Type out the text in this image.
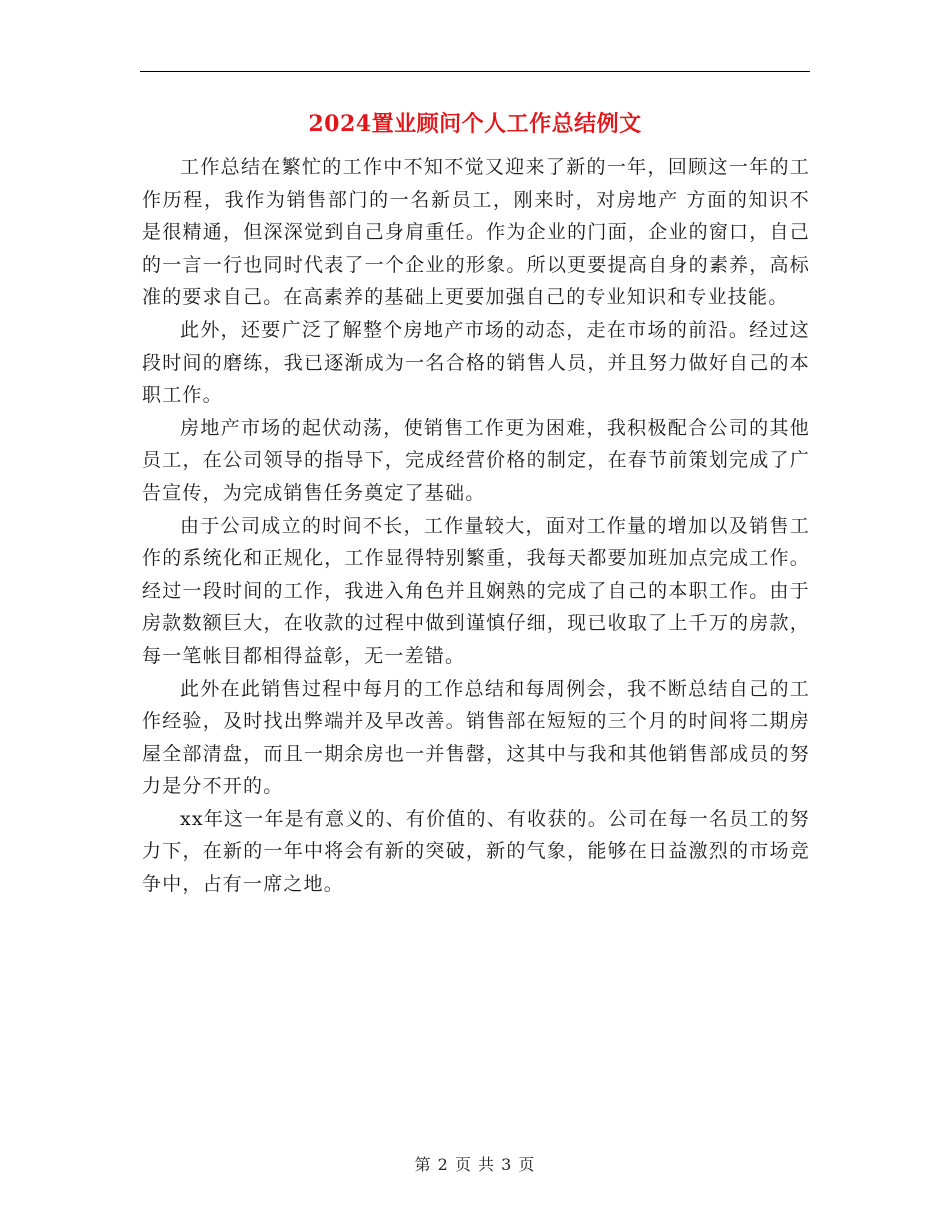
2024置业顾问个人工作总结例文

工作总结在繁忙的工作中不知不觉又迎来了新的一年，回顾这一年的工作历程，我作为销售部门的一名新员工，刚来时，对房地产 方面的知识不是很精通，但深深觉到自己身肩重任。作为企业的门面，企业的窗口，自己的一言一行也同时代表了一个企业的形象。所以更要提高自身的素养，高标准的要求自己。在高素养的基础上更要加强自己的专业知识和专业技能。

此外，还要广泛了解整个房地产市场的动态，走在市场的前沿。经过这段时间的磨练，我已逐渐成为一名合格的销售人员，并且努力做好自己的本职工作。

房地产市场的起伏动荡，使销售工作更为困难，我积极配合公司的其他员工，在公司领导的指导下，完成经营价格的制定，在春节前策划完成了广告宣传，为完成销售任务奠定了基础。

由于公司成立的时间不长，工作量较大，面对工作量的增加以及销售工作的系统化和正规化，工作显得特别繁重，我每天都要加班加点完成工作。经过一段时间的工作，我进入角色并且娴熟的完成了自己的本职工作。由于房款数额巨大，在收款的过程中做到谨慎仔细，现已收取了上千万的房款，每一笔帐目都相得益彰，无一差错。

此外在此销售过程中每月的工作总结和每周例会，我不断总结自己的工作经验，及时找出弊端并及早改善。销售部在短短的三个月的时间将二期房屋全部清盘，而且一期余房也一并售罄，这其中与我和其他销售部成员的努力是分不开的。

xx年这一年是有意义的、有价值的、有收获的。公司在每一名员工的努力下，在新的一年中将会有新的突破，新的气象，能够在日益激烈的市场竞争中，占有一席之地。

第 2 页 共 3 页
